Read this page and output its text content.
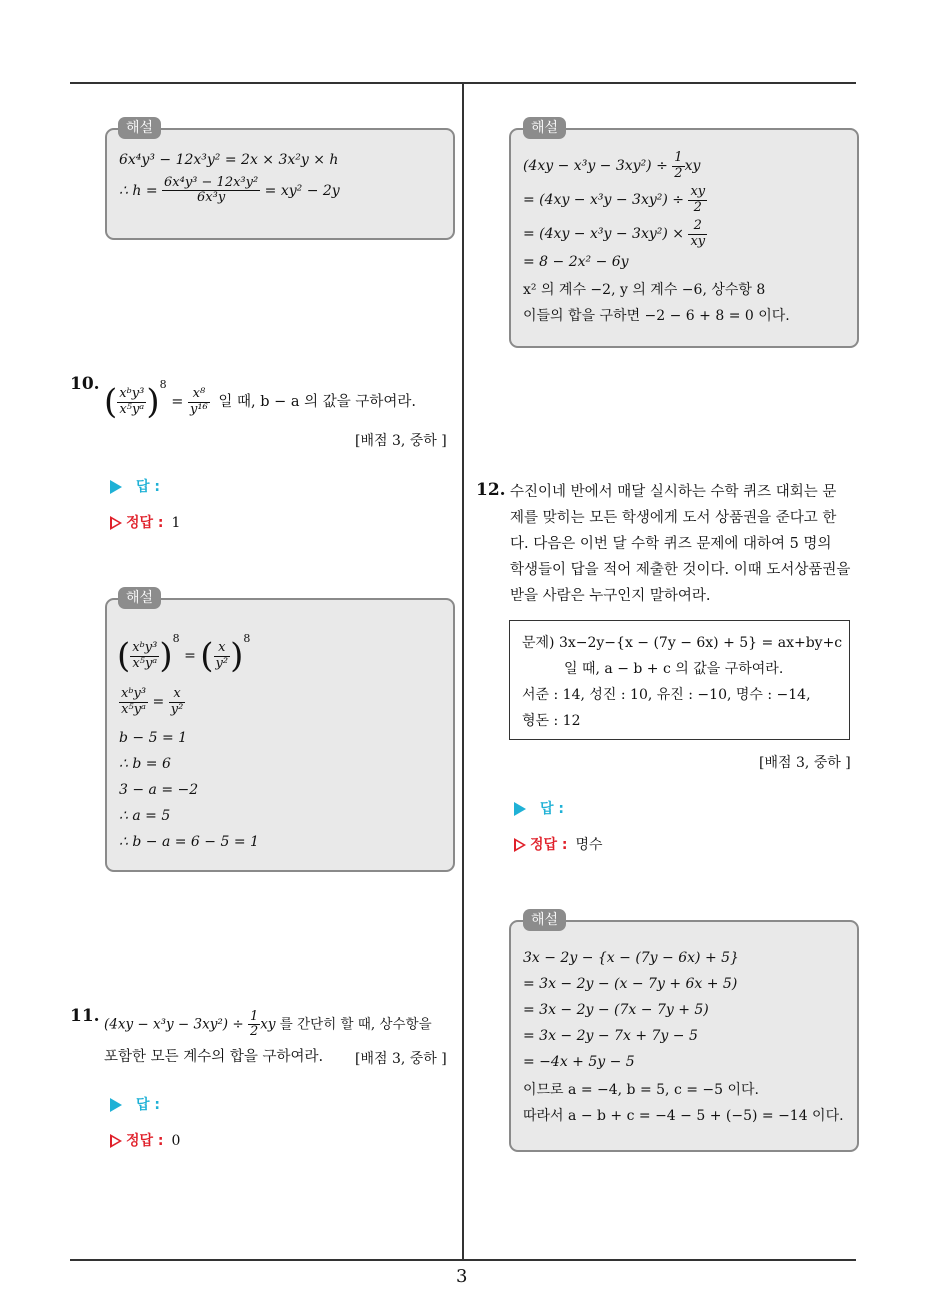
3
6x⁴y³ − 12x³y² = 2x × 3x²y × h
∴ $h = \frac{\text{6x⁴y³ − 12x³y²}}{\text{6x³y}} = xy^2 - 2y$
해설
10. ( $\frac{\text{xᵇy³}}{\text{x⁵yᵃ}} )^8 = \frac{\text{x⁸}}{\text{y¹⁶}}$ 일 때, b − a 의 값을 구하여라.
[배점 3, 중하 ]
답 :
정답 : 1
( $\frac{\text{xᵇy³}}{\text{x⁵yᵃ}} )^8$ = ( $\frac{x}{\text{y²}} )^8$
$\frac{\text{xᵇy³}}{\text{x⁵yᵃ}} = \frac{x}{\text{y²}}$
b − 5 = 1
∴ b = 6
3 − a = −2
∴ a = 5
∴ b − a = 6 − 5 = 1
해설
11. $(4xy - x^3y - 3xy^2) \div \frac{1}{2}$ xy 를 간단히 할 때, 상수항을
포함한 모든 계수의 합을 구하여라. [배점 3, 중하 ]
답 :
정답 : 0
$(4xy - x^3y - 3xy^2) \div \frac{1}{2}$ xy
= $(4xy - x^3y - 3xy^2) \div \frac{xy}{2}$
= $(4xy - x^3y - 3xy^2) \times \frac{2}{xy}$
= 8 − 2x² − 6y
x² 의 계수 −2, y 의 계수 −6, 상수항 8
이들의 합을 구하면 −2 − 6 + 8 = 0 이다.
해설
12. 수진이네 반에서 매달 실시하는 수학 퀴즈 대회는 문
제를 맞히는 모든 학생에게 도서 상품권을 준다고 한
다. 다음은 이번 달 수학 퀴즈 문제에 대하여 5 명의
학생들이 답을 적어 제출한 것이다. 이때 도서상품권을
받을 사람은 누구인지 말하여라.
문제) 3x−2y−{x − (7y − 6x) + 5} = ax+by+c
일 때, a − b + c 의 값을 구하여라.
서준 : 14, 성진 : 10, 유진 : −10, 명수 : −14,
형돈 : 12
[배점 3, 중하 ]
답 :
정답 : 명수
3x − 2y − {x − (7y − 6x) + 5}
= 3x − 2y − (x − 7y + 6x + 5)
= 3x − 2y − (7x − 7y + 5)
= 3x − 2y − 7x + 7y − 5
= −4x + 5y − 5
이므로 a = −4, b = 5, c = −5 이다.
따라서 a − b + c = −4 − 5 + (−5) = −14 이다.
해설
